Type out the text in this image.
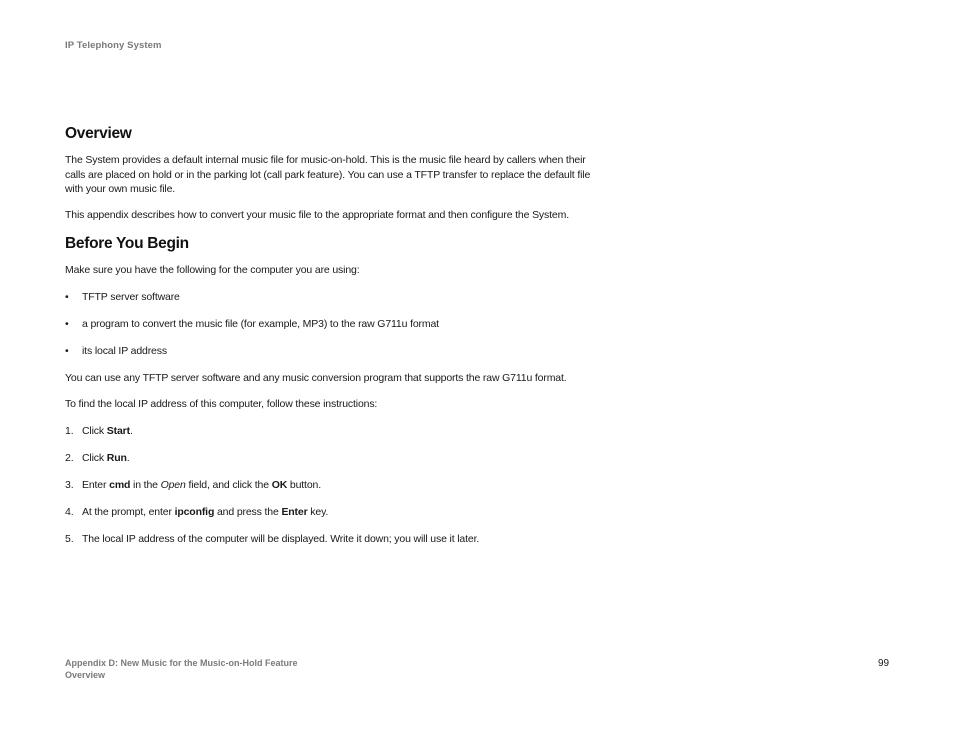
IP Telephony System
Overview

The System provides a default internal music file for music-on-hold. This is the music file heard by callers when their calls are placed on hold or in the parking lot (call park feature). You can use a TFTP transfer to replace the default file with your own music file.

This appendix describes how to convert your music file to the appropriate format and then configure the System.

Before You Begin

Make sure you have the following for the computer you are using:

• TFTP server software
• a program to convert the music file (for example, MP3) to the raw G711u format
• its local IP address

You can use any TFTP server software and any music conversion program that supports the raw G711u format.

To find the local IP address of this computer, follow these instructions:

1. Click Start.
2. Click Run.
3. Enter cmd in the Open field, and click the OK button.
4. At the prompt, enter ipconfig and press the Enter key.
5. The local IP address of the computer will be displayed. Write it down; you will use it later.
Appendix D: New Music for the Music-on-Hold Feature
Overview
99
